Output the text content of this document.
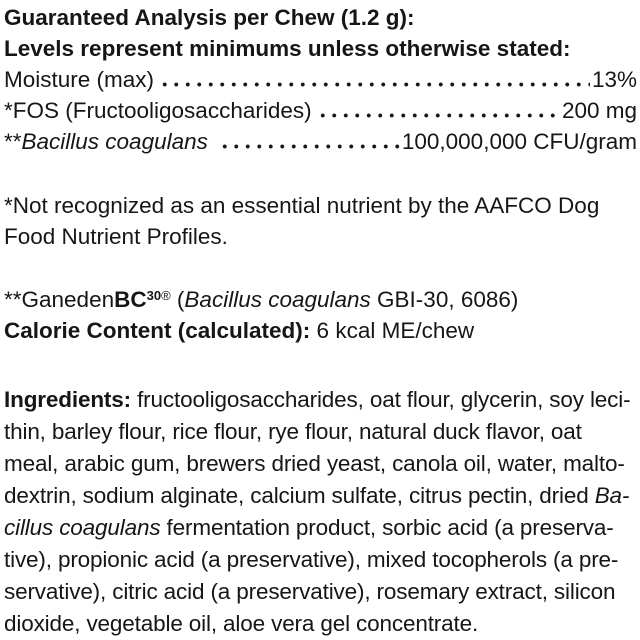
Guaranteed Analysis per Chew (1.2 g):
Levels represent minimums unless otherwise stated:
Moisture (max)	13%
*FOS (Fructooligosaccharides)	200 mg
**Bacillus coagulans	100,000,000 CFU/gram
*Not recognized as an essential nutrient by the AAFCO Dog
Food Nutrient Profiles.
**GanedenBC$^{30®}$ (Bacillus coagulans GBI-30, 6086)
Calorie Content (calculated): 6 kcal ME/chew
Ingredients: fructooligosaccharides, oat flour, glycerin, soy leci-
thin, barley flour, rice flour, rye flour, natural duck flavor, oat
meal, arabic gum, brewers dried yeast, canola oil, water, malto-
dextrin, sodium alginate, calcium sulfate, citrus pectin, dried Ba-
cillus coagulans fermentation product, sorbic acid (a preserva-
tive), propionic acid (a preservative), mixed tocopherols (a pre-
servative), citric acid (a preservative), rosemary extract, silicon
dioxide, vegetable oil, aloe vera gel concentrate.
